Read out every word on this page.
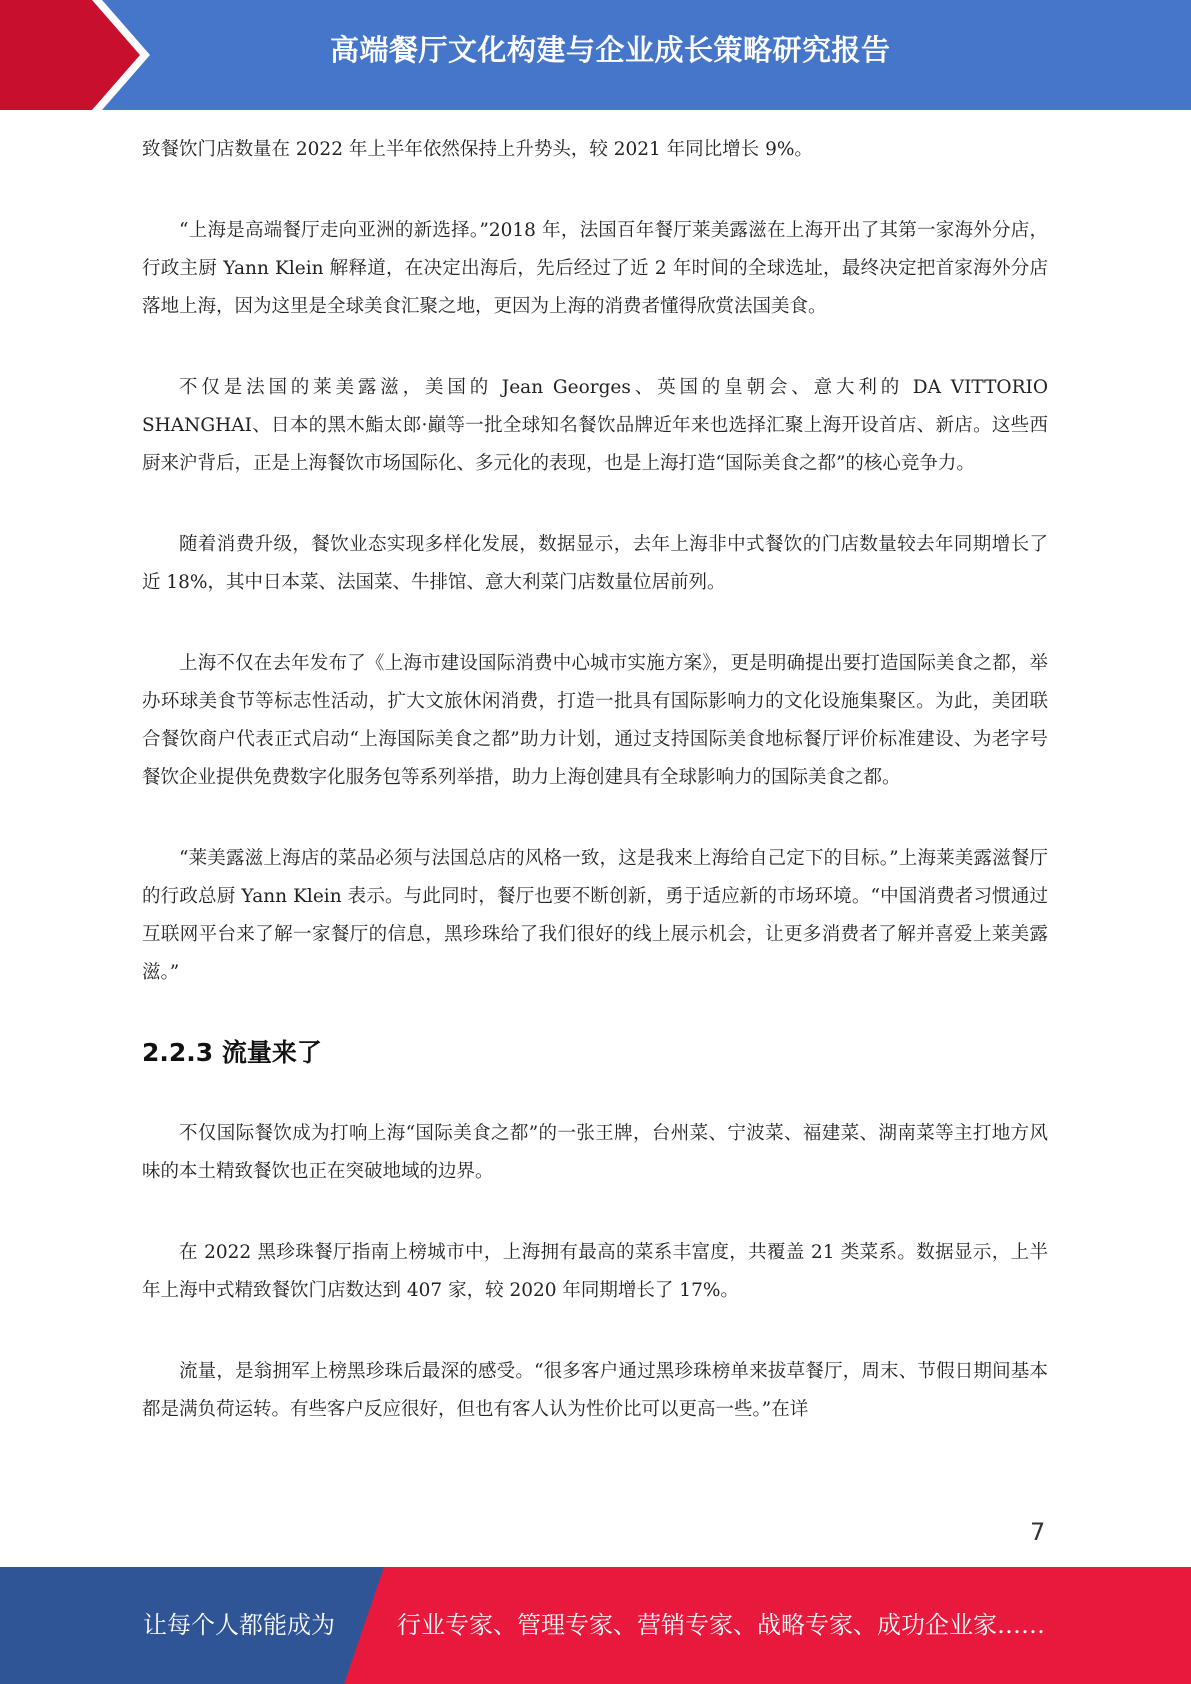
高端餐厅文化构建与企业成长策略研究报告

致餐饮门店数量在 2022 年上半年依然保持上升势头，较 2021 年同比增长 9%。

“上海是高端餐厅走向亚洲的新选择。”2018 年，法国百年餐厅莱美露滋在上海开出了其第一家海外分店，行政主厨 Yann Klein 解释道，在决定出海后，先后经过了近 2 年时间的全球选址，最终决定把首家海外分店落地上海，因为这里是全球美食汇聚之地，更因为上海的消费者懂得欣赏法国美食。

不仅是法国的莱美露滋，美国的 Jean Georges、英国的皇朝会、意大利的 DA VITTORIO SHANGHAI、日本的黑木鮨太郎·巓等一批全球知名餐饮品牌近年来也选择汇聚上海开设首店、新店。这些西厨来沪背后，正是上海餐饮市场国际化、多元化的表现，也是上海打造“国际美食之都”的核心竞争力。

随着消费升级，餐饮业态实现多样化发展，数据显示，去年上海非中式餐饮的门店数量较去年同期增长了近 18%，其中日本菜、法国菜、牛排馆、意大利菜门店数量位居前列。

上海不仅在去年发布了《上海市建设国际消费中心城市实施方案》，更是明确提出要打造国际美食之都，举办环球美食节等标志性活动，扩大文旅休闲消费，打造一批具有国际影响力的文化设施集聚区。为此，美团联合餐饮商户代表正式启动“上海国际美食之都”助力计划，通过支持国际美食地标餐厅评价标准建设、为老字号餐饮企业提供免费数字化服务包等系列举措，助力上海创建具有全球影响力的国际美食之都。

“莱美露滋上海店的菜品必须与法国总店的风格一致，这是我来上海给自己定下的目标。”上海莱美露滋餐厅的行政总厨 Yann Klein 表示。与此同时，餐厅也要不断创新，勇于适应新的市场环境。“中国消费者习惯通过互联网平台来了解一家餐厅的信息，黑珍珠给了我们很好的线上展示机会，让更多消费者了解并喜爱上莱美露滋。”

2.2.3 流量来了

不仅国际餐饮成为打响上海“国际美食之都”的一张王牌，台州菜、宁波菜、福建菜、湖南菜等主打地方风味的本土精致餐饮也正在突破地域的边界。

在 2022 黑珍珠餐厅指南上榜城市中，上海拥有最高的菜系丰富度，共覆盖 21 类菜系。数据显示，上半年上海中式精致餐饮门店数达到 407 家，较 2020 年同期增长了 17%。

流量，是翁拥军上榜黑珍珠后最深的感受。“很多客户通过黑珍珠榜单来拔草餐厅，周末、节假日期间基本都是满负荷运转。有些客户反应很好，但也有客人认为性价比可以更高一些。”在详

7
让每个人都能成为	行业专家、管理专家、营销专家、战略专家、成功企业家……
